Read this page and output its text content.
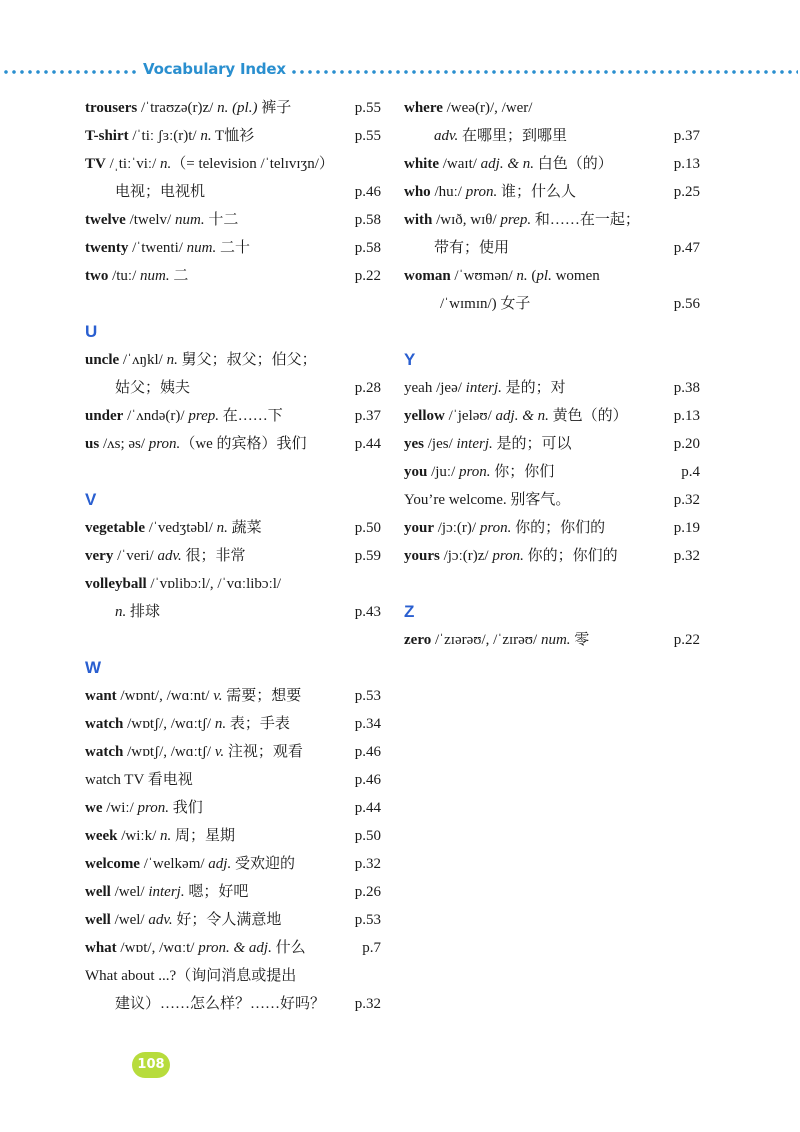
Vocabulary Index
trousers /ˈtraʊzə(r)z/ n. (pl.) 裤子	p.55
T-shirt /ˈtiː ʃɜː(r)t/ n. T恤衫	p.55
TV /ˌtiːˈviː/ n.（= television /ˈtelɪvɪʒn/）
电视；电视机	p.46
twelve /twelv/ num. 十二	p.58
twenty /ˈtwenti/ num. 二十	p.58
two /tuː/ num. 二	p.22
U
uncle /ˈʌŋkl/ n. 舅父；叔父；伯父；
姑父；姨夫	p.28
under /ˈʌndə(r)/ prep. 在……下	p.37
us /ʌs; əs/ pron.（we 的宾格）我们	p.44
V
vegetable /ˈvedʒtəbl/ n. 蔬菜	p.50
very /ˈveri/ adv. 很；非常	p.59
volleyball /ˈvɒlibɔːl/, /ˈvɑːlibɔːl/
n. 排球	p.43
W
want /wɒnt/, /wɑːnt/ v. 需要；想要	p.53
watch /wɒtʃ/, /wɑːtʃ/ n. 表；手表	p.34
watch /wɒtʃ/, /wɑːtʃ/ v. 注视；观看	p.46
watch TV 看电视	p.46
we /wiː/ pron. 我们	p.44
week /wiːk/ n. 周；星期	p.50
welcome /ˈwelkəm/ adj. 受欢迎的	p.32
well /wel/ interj. 嗯；好吧	p.26
well /wel/ adv. 好；令人满意地	p.53
what /wɒt/, /wɑːt/ pron. & adj. 什么	p.7
What about ...?（询问消息或提出
建议）……怎么样？……好吗？ p.32
where /weə(r)/, /wer/
adv. 在哪里；到哪里	p.37
white /waɪt/ adj. & n. 白色（的）	p.13
who /huː/ pron. 谁；什么人	p.25
with /wɪð, wɪθ/ prep. 和……在一起；
带有；使用	p.47
woman /ˈwʊmən/ n. (pl. women
/ˈwɪmɪn/) 女子	p.56
Y
yeah /jeə/ interj. 是的；对	p.38
yellow /ˈjeləʊ/ adj. & n. 黄色（的）	p.13
yes /jes/ interj. 是的；可以	p.20
you /juː/ pron. 你；你们	p.4
You’re welcome. 别客气。	p.32
your /jɔː(r)/ pron. 你的；你们的	p.19
yours /jɔː(r)z/ pron. 你的；你们的	p.32
Z
zero /ˈzɪərəʊ/, /ˈzɪrəʊ/ num. 零	p.22
108
